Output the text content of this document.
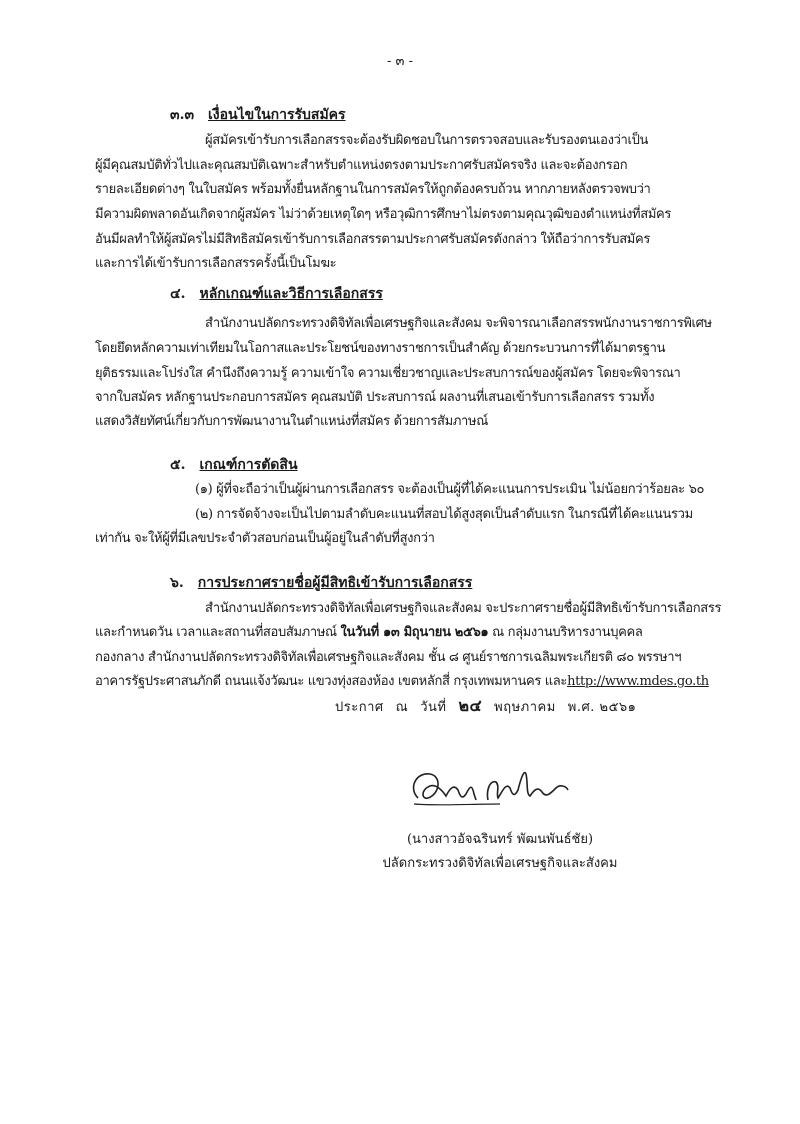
- ๓ -
๓.๓ เงื่อนไขในการรับสมัคร
ผู้สมัครเข้ารับการเลือกสรรจะต้องรับผิดชอบในการตรวจสอบและรับรองตนเองว่าเป็น
ผู้มีคุณสมบัติทั่วไปและคุณสมบัติเฉพาะสำหรับตำแหน่งตรงตามประกาศรับสมัครจริง และจะต้องกรอก
รายละเอียดต่างๆ ในใบสมัคร พร้อมทั้งยื่นหลักฐานในการสมัครให้ถูกต้องครบถ้วน หากภายหลังตรวจพบว่า
มีความผิดพลาดอันเกิดจากผู้สมัคร ไม่ว่าด้วยเหตุใดๆ หรือวุฒิการศึกษาไม่ตรงตามคุณวุฒิของตำแหน่งที่สมัคร
อันมีผลทำให้ผู้สมัครไม่มีสิทธิสมัครเข้ารับการเลือกสรรตามประกาศรับสมัครดังกล่าว ให้ถือว่าการรับสมัคร
และการได้เข้ารับการเลือกสรรครั้งนี้เป็นโมฆะ
๔. หลักเกณฑ์และวิธีการเลือกสรร
สำนักงานปลัดกระทรวงดิจิทัลเพื่อเศรษฐกิจและสังคม จะพิจารณาเลือกสรรพนักงานราชการพิเศษ
โดยยึดหลักความเท่าเทียมในโอกาสและประโยชน์ของทางราชการเป็นสำคัญ ด้วยกระบวนการที่ได้มาตรฐาน
ยุติธรรมและโปร่งใส คำนึงถึงความรู้ ความเข้าใจ ความเชี่ยวชาญและประสบการณ์ของผู้สมัคร โดยจะพิจารณา
จากใบสมัคร หลักฐานประกอบการสมัคร คุณสมบัติ ประสบการณ์ ผลงานที่เสนอเข้ารับการเลือกสรร รวมทั้ง
แสดงวิสัยทัศน์เกี่ยวกับการพัฒนางานในตำแหน่งที่สมัคร ด้วยการสัมภาษณ์
๕. เกณฑ์การตัดสิน
(๑) ผู้ที่จะถือว่าเป็นผู้ผ่านการเลือกสรร จะต้องเป็นผู้ที่ได้คะแนนการประเมิน ไม่น้อยกว่าร้อยละ ๖๐
(๒) การจัดจ้างจะเป็นไปตามลำดับคะแนนที่สอบได้สูงสุดเป็นลำดับแรก ในกรณีที่ได้คะแนนรวม
เท่ากัน จะให้ผู้ที่มีเลขประจำตัวสอบก่อนเป็นผู้อยู่ในลำดับที่สูงกว่า
๖. การประกาศรายชื่อผู้มีสิทธิเข้ารับการเลือกสรร
สำนักงานปลัดกระทรวงดิจิทัลเพื่อเศรษฐกิจและสังคม จะประกาศรายชื่อผู้มีสิทธิเข้ารับการเลือกสรร
และกำหนดวัน เวลาและสถานที่สอบสัมภาษณ์ ในวันที่ ๑๓ มิถุนายน ๒๕๖๑ ณ กลุ่มงานบริหารงานบุคคล
กองกลาง สำนักงานปลัดกระทรวงดิจิทัลเพื่อเศรษฐกิจและสังคม ชั้น ๘ ศูนย์ราชการเฉลิมพระเกียรติ ๘๐ พรรษาฯ
อาคารรัฐประศาสนภักดี ถนนแจ้งวัฒนะ แขวงทุ่งสองห้อง เขตหลักสี่ กรุงเทพมหานคร และhttp://www.mdes.go.th
ประกาศ ณ วันที่ ๒๔ พฤษภาคม พ.ศ. ๒๕๖๑
(นางสาวอัจฉรินทร์ พัฒนพันธ์ชัย)
ปลัดกระทรวงดิจิทัลเพื่อเศรษฐกิจและสังคม
